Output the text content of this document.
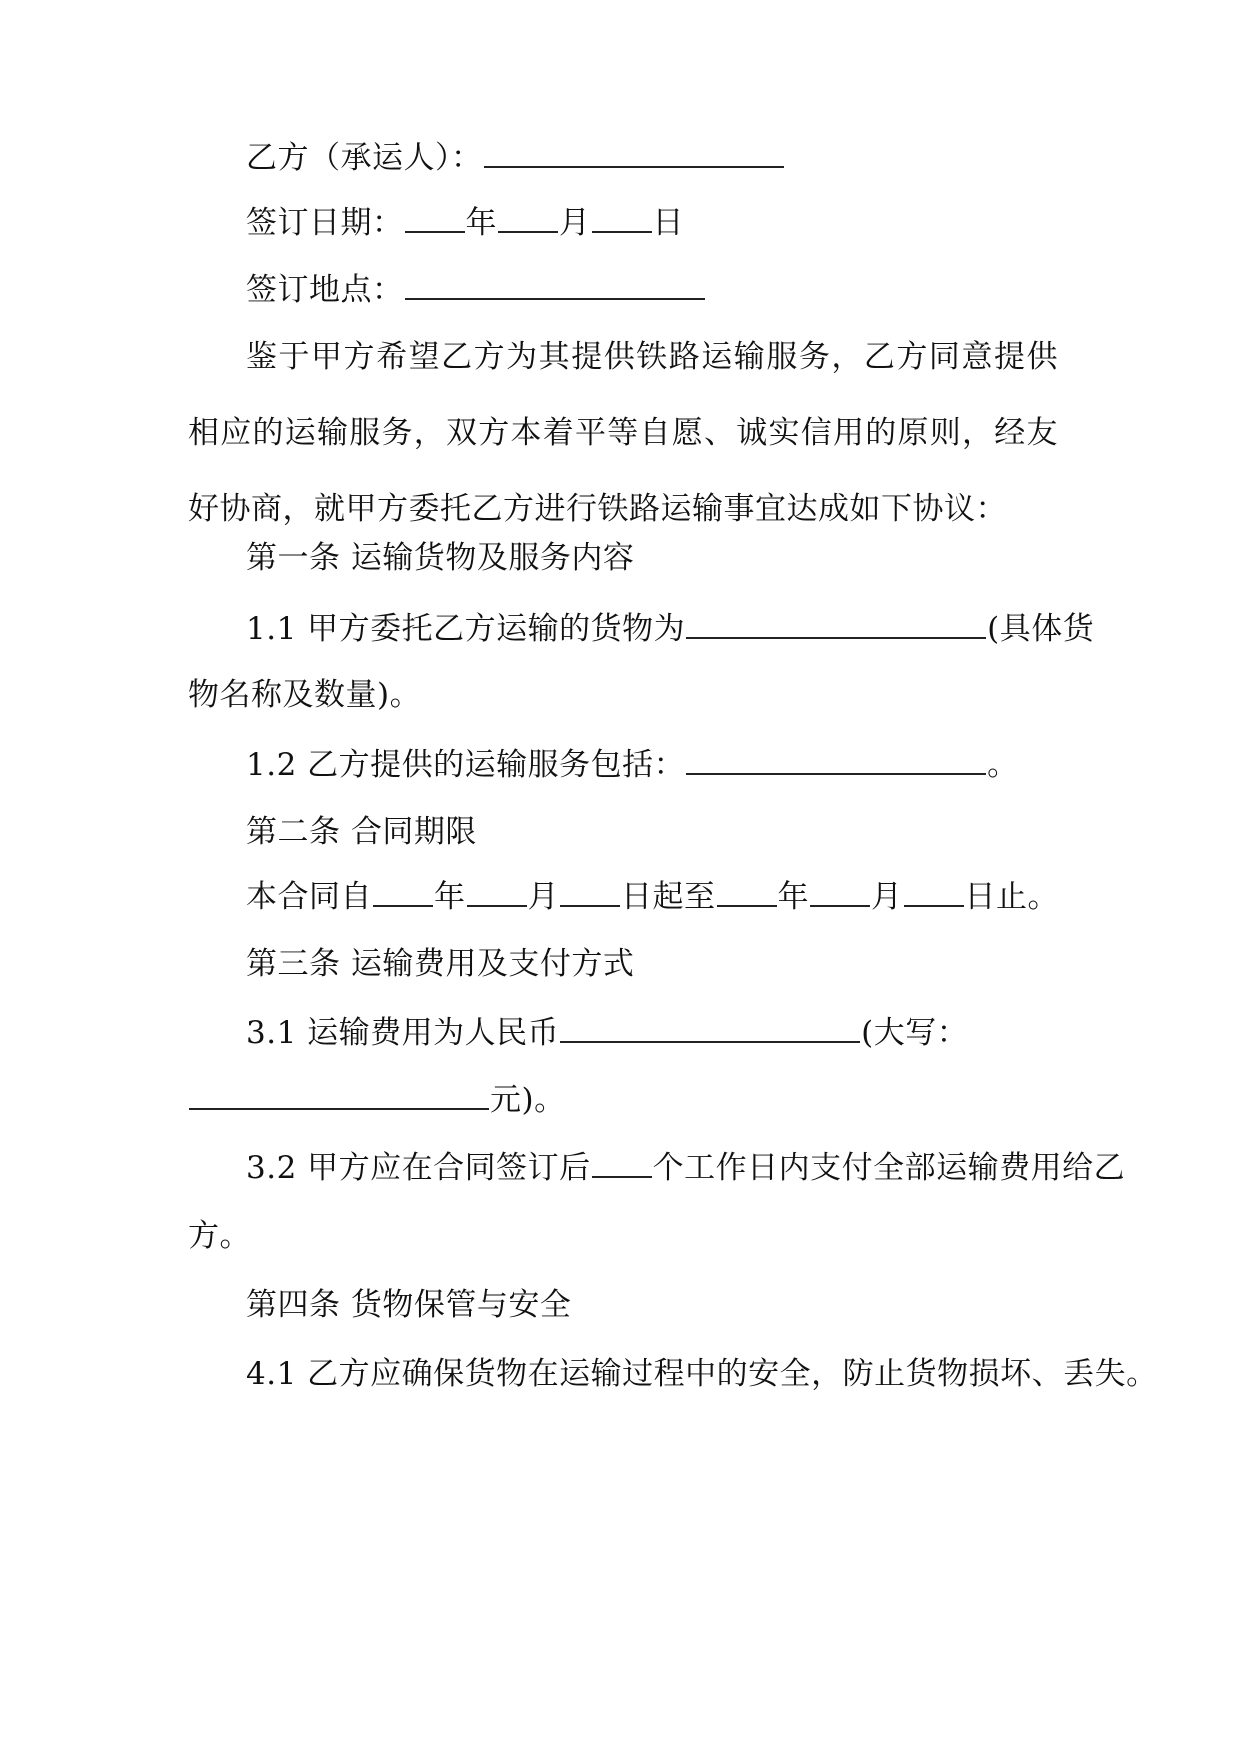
乙方（承运人）：
签订日期： 年 月 日
签订地点：
鉴于甲方希望乙方为其提供铁路运输服务，乙方同意提供相应的运输服务，双方本着平等自愿、诚实信用的原则，经友好协商，就甲方委托乙方进行铁路运输事宜达成如下协议：
第一条 运输货物及服务内容
1.1 甲方委托乙方运输的货物为	(具体货
物名称及数量)。
1.2 乙方提供的运输服务包括：	。
第二条 合同期限
本合同自 年 月 日起至 年 月 日止。
第三条 运输费用及支付方式
3.1 运输费用为人民币	(大写：
元)。
3.2 甲方应在合同签订后 个工作日内支付全部运输费用给乙
方。
第四条 货物保管与安全
4.1 乙方应确保货物在运输过程中的安全，防止货物损坏、丢失。
